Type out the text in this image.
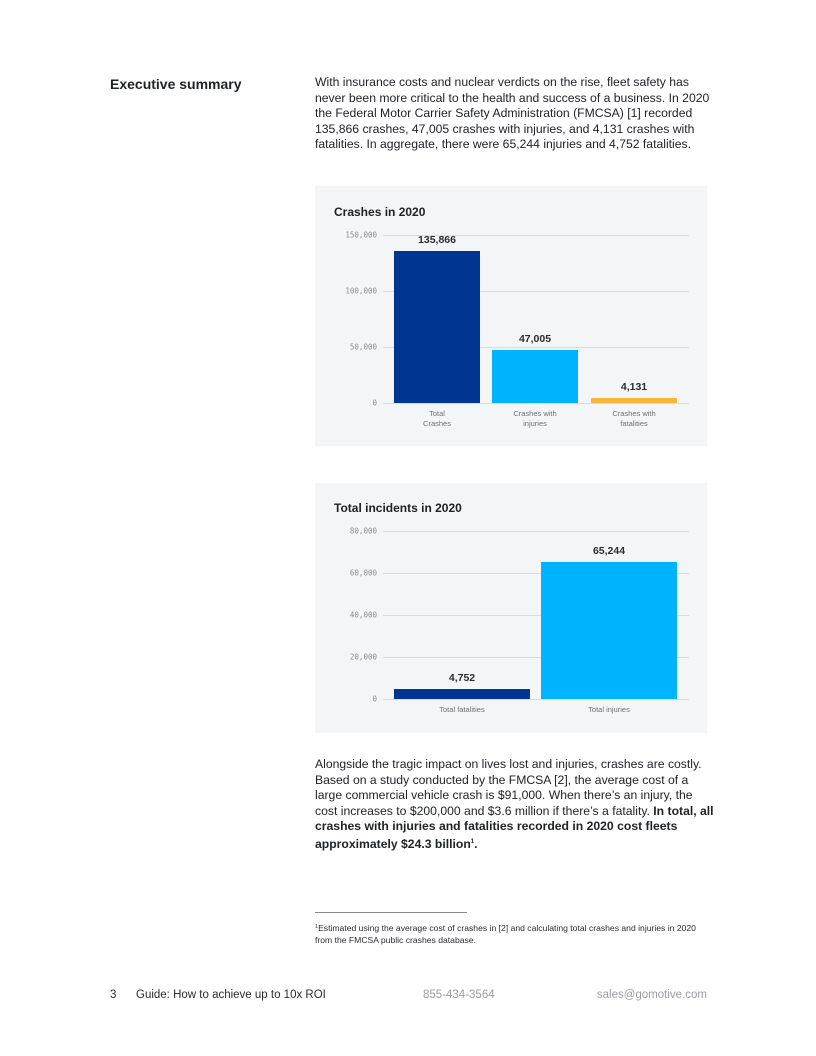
Executive summary	With insurance costs and nuclear verdicts on the rise, fleet safety has never been more critical to the health and success of a business. In 2020 the Federal Motor Carrier Safety Administration (FMCSA) [1] recorded 135,866 crashes, 47,005 crashes with injuries, and 4,131 crashes with fatalities. In aggregate, there were 65,244 injuries and 4,752 fatalities.

Crashes in 2020
0
50,000
100,000
150,000	135,866
Total
Crashes
47,005
Crashes with
injuries
4,131
Crashes with
fatalities
Total incidents in 2020
0
20,000
40,000
60,000
80,000
4,752
Total fatalities
65,244
Total injuries

Alongside the tragic impact on lives lost and injuries, crashes are costly. Based on a study conducted by the FMCSA [2], the average cost of a large commercial vehicle crash is $91,000. When there’s an injury, the cost increases to $200,000 and $3.6 million if there’s a fatality. In total, all crashes with injuries and fatalities recorded in 2020 cost fleets approximately $24.3 billion$^1$.

$^1$Estimated using the average cost of crashes in [2] and calculating total crashes and injuries in 2020 from the FMCSA public crashes database.
3 Guide: How to achieve up to 10x ROI	855-434-3564	sales@gomotive.com
